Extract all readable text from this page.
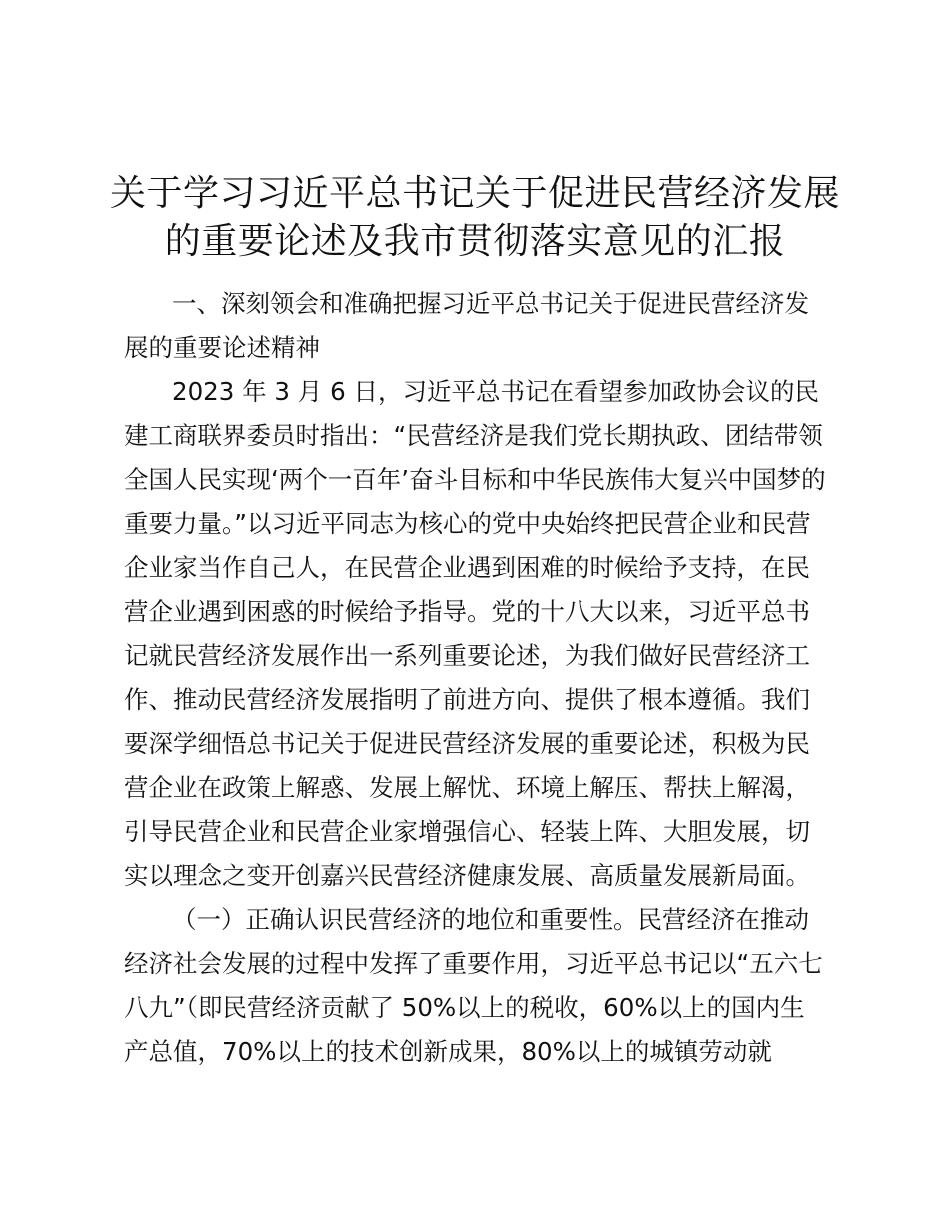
关于学习习近平总书记关于促进民营经济发展
的重要论述及我市贯彻落实意见的汇报
一、深刻领会和准确把握习近平总书记关于促进民营经济发
展的重要论述精神
2023 年 3 月 6 日，习近平总书记在看望参加政协会议的民
建工商联界委员时指出：“民营经济是我们党长期执政、团结带领
全国人民实现‘两个一百年’奋斗目标和中华民族伟大复兴中国梦的
重要力量。”以习近平同志为核心的党中央始终把民营企业和民营
企业家当作自己人，在民营企业遇到困难的时候给予支持，在民
营企业遇到困惑的时候给予指导。党的十八大以来，习近平总书
记就民营经济发展作出一系列重要论述，为我们做好民营经济工
作、推动民营经济发展指明了前进方向、提供了根本遵循。我们
要深学细悟总书记关于促进民营经济发展的重要论述，积极为民
营企业在政策上解惑、发展上解忧、环境上解压、帮扶上解渴，
引导民营企业和民营企业家增强信心、轻装上阵、大胆发展，切
实以理念之变开创嘉兴民营经济健康发展、高质量发展新局面。
（一）正确认识民营经济的地位和重要性。民营经济在推动
经济社会发展的过程中发挥了重要作用，习近平总书记以“五六七
八九”（即民营经济贡献了 50%以上的税收，60%以上的国内生
产总值，70%以上的技术创新成果，80%以上的城镇劳动就
